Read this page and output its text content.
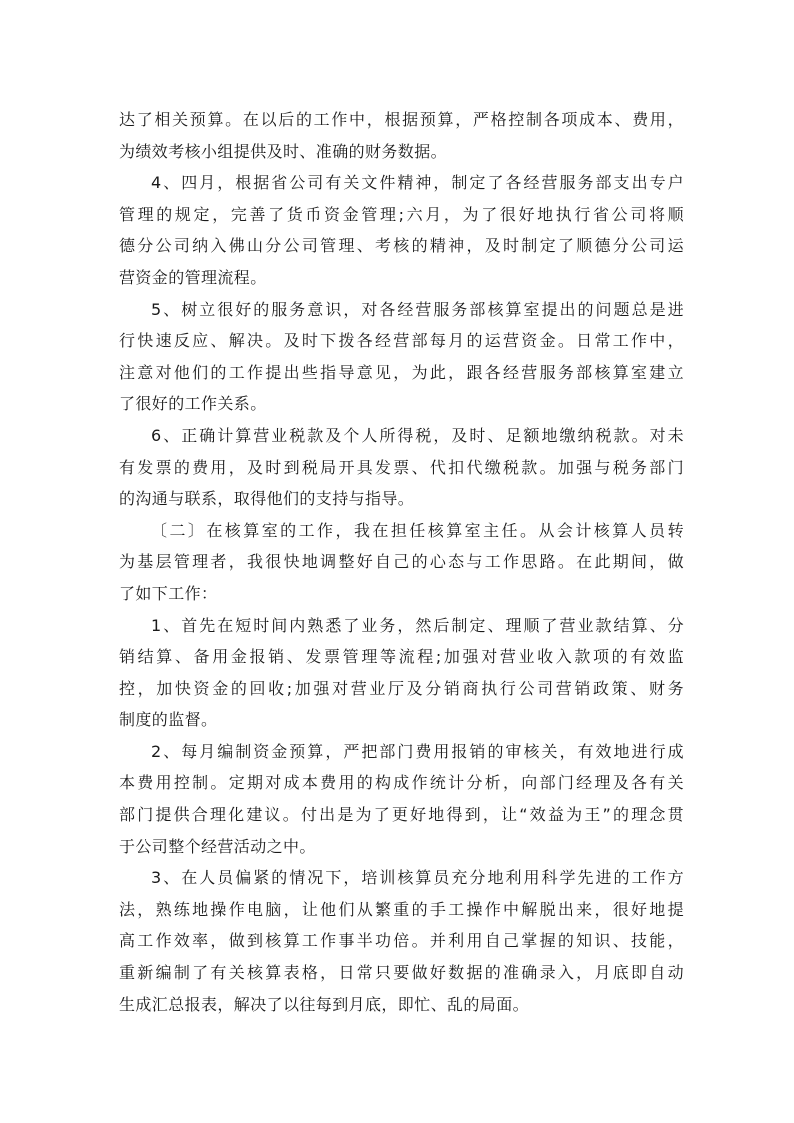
达了相关预算。在以后的工作中，根据预算，严格控制各项成本、费用，
为绩效考核小组提供及时、准确的财务数据。
4、四月，根据省公司有关文件精神，制定了各经营服务部支出专户
管理的规定，完善了货币资金管理;六月，为了很好地执行省公司将顺
德分公司纳入佛山分公司管理、考核的精神，及时制定了顺德分公司运
营资金的管理流程。
5、树立很好的服务意识，对各经营服务部核算室提出的问题总是进
行快速反应、解决。及时下拨各经营部每月的运营资金。日常工作中，
注意对他们的工作提出些指导意见，为此，跟各经营服务部核算室建立
了很好的工作关系。
6、正确计算营业税款及个人所得税，及时、足额地缴纳税款。对未
有发票的费用，及时到税局开具发票、代扣代缴税款。加强与税务部门
的沟通与联系，取得他们的支持与指导。
〔二〕在核算室的工作，我在担任核算室主任。从会计核算人员转
为基层管理者，我很快地调整好自己的心态与工作思路。在此期间，做
了如下工作：
1、首先在短时间内熟悉了业务，然后制定、理顺了营业款结算、分
销结算、备用金报销、发票管理等流程;加强对营业收入款项的有效监
控，加快资金的回收;加强对营业厅及分销商执行公司营销政策、财务
制度的监督。
2、每月编制资金预算，严把部门费用报销的审核关，有效地进行成
本费用控制。定期对成本费用的构成作统计分析，向部门经理及各有关
部门提供合理化建议。付出是为了更好地得到，让“效益为王”的理念贯
于公司整个经营活动之中。
3、在人员偏紧的情况下，培训核算员充分地利用科学先进的工作方
法，熟练地操作电脑，让他们从繁重的手工操作中解脱出来，很好地提
高工作效率，做到核算工作事半功倍。并利用自己掌握的知识、技能，
重新编制了有关核算表格，日常只要做好数据的准确录入，月底即自动
生成汇总报表，解决了以往每到月底，即忙、乱的局面。
